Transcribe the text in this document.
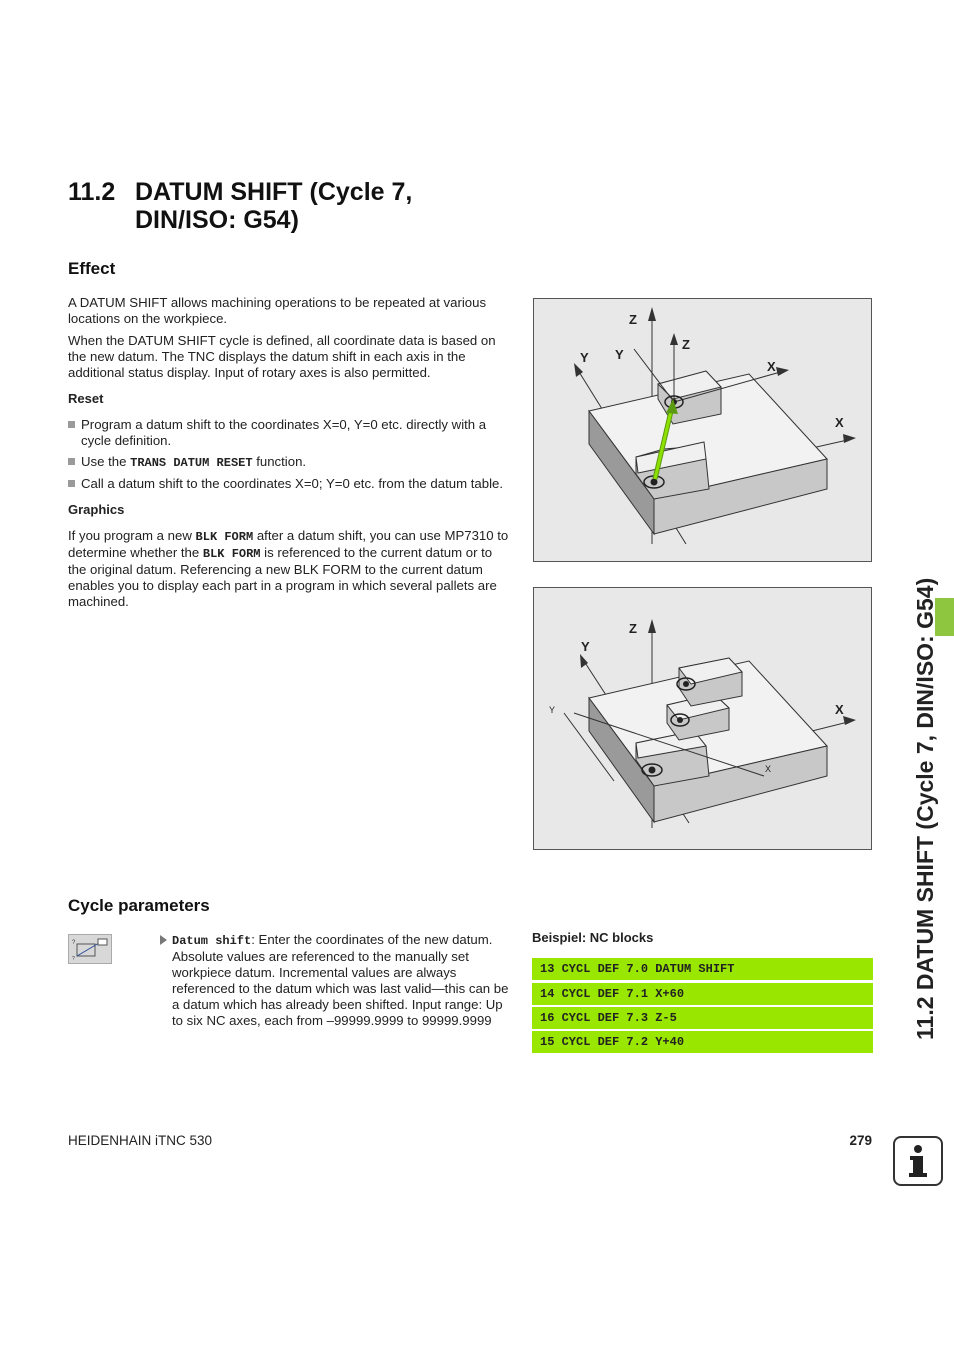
11.2 DATUM SHIFT (Cycle 7,
DIN/ISO: G54)
Effect

A DATUM SHIFT allows machining operations to be repeated at various locations on the workpiece.

When the DATUM SHIFT cycle is defined, all coordinate data is based on the new datum. The TNC displays the datum shift in each axis in the additional status display. Input of rotary axes is also permitted.

Reset
Program a datum shift to the coordinates X=0, Y=0 etc. directly with a cycle definition.
Use the TRANS DATUM RESET function.
Call a datum shift to the coordinates X=0; Y=0 etc. from the datum table.
Graphics

If you program a new BLK FORM after a datum shift, you can use MP7310 to determine whether the BLK FORM is referenced to the current datum or to the original datum. Referencing a new BLK FORM to the current datum enables you to display each part in a program in which several pallets are machined.

Z
Y Y
Z
X
X
Z
Y
X
Y
X	11.2 DATUM SHIFT (Cycle 7, DIN/ISO: G54)
Cycle parameters
?
?
Datum shift: Enter the coordinates of the new datum. Absolute values are referenced to the manually set workpiece datum. Incremental values are always referenced to the datum which was last valid—this can be a datum which has already been shifted. Input range: Up to six NC axes, each from –99999.9999 to 99999.9999
Beispiel: NC blocks
13 CYCL DEF 7.0 DATUM SHIFT
14 CYCL DEF 7.1 X+60
16 CYCL DEF 7.3 Z-5
15 CYCL DEF 7.2 Y+40
HEIDENHAIN iTNC 530	279
